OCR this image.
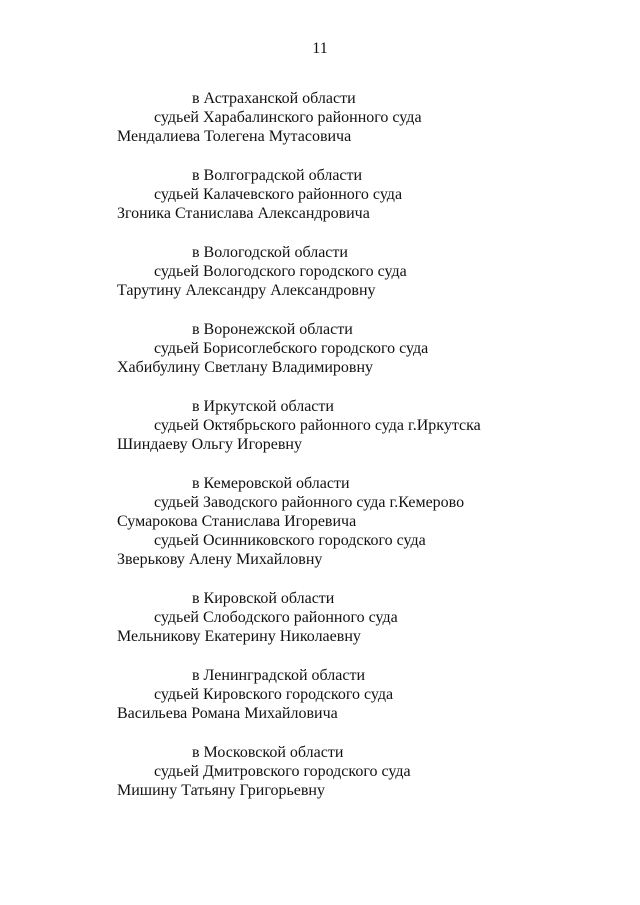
11
в Астраханской области
судьей Харабалинского районного суда
Мендалиева Толегена Мутасовича
в Волгоградской области
судьей Калачевского районного суда
Згоника Станислава Александровича
в Вологодской области
судьей Вологодского городского суда
Тарутину Александру Александровну
в Воронежской области
судьей Борисоглебского городского суда
Хабибулину Светлану Владимировну
в Иркутской области
судьей Октябрьского районного суда г.Иркутска
Шиндаеву Ольгу Игоревну
в Кемеровской области
судьей Заводского районного суда г.Кемерово
Сумарокова Станислава Игоревича
судьей Осинниковского городского суда
Зверькову Алену Михайловну
в Кировской области
судьей Слободского районного суда
Мельникову Екатерину Николаевну
в Ленинградской области
судьей Кировского городского суда
Васильева Романа Михайловича
в Московской области
судьей Дмитровского городского суда
Мишину Татьяну Григорьевну
